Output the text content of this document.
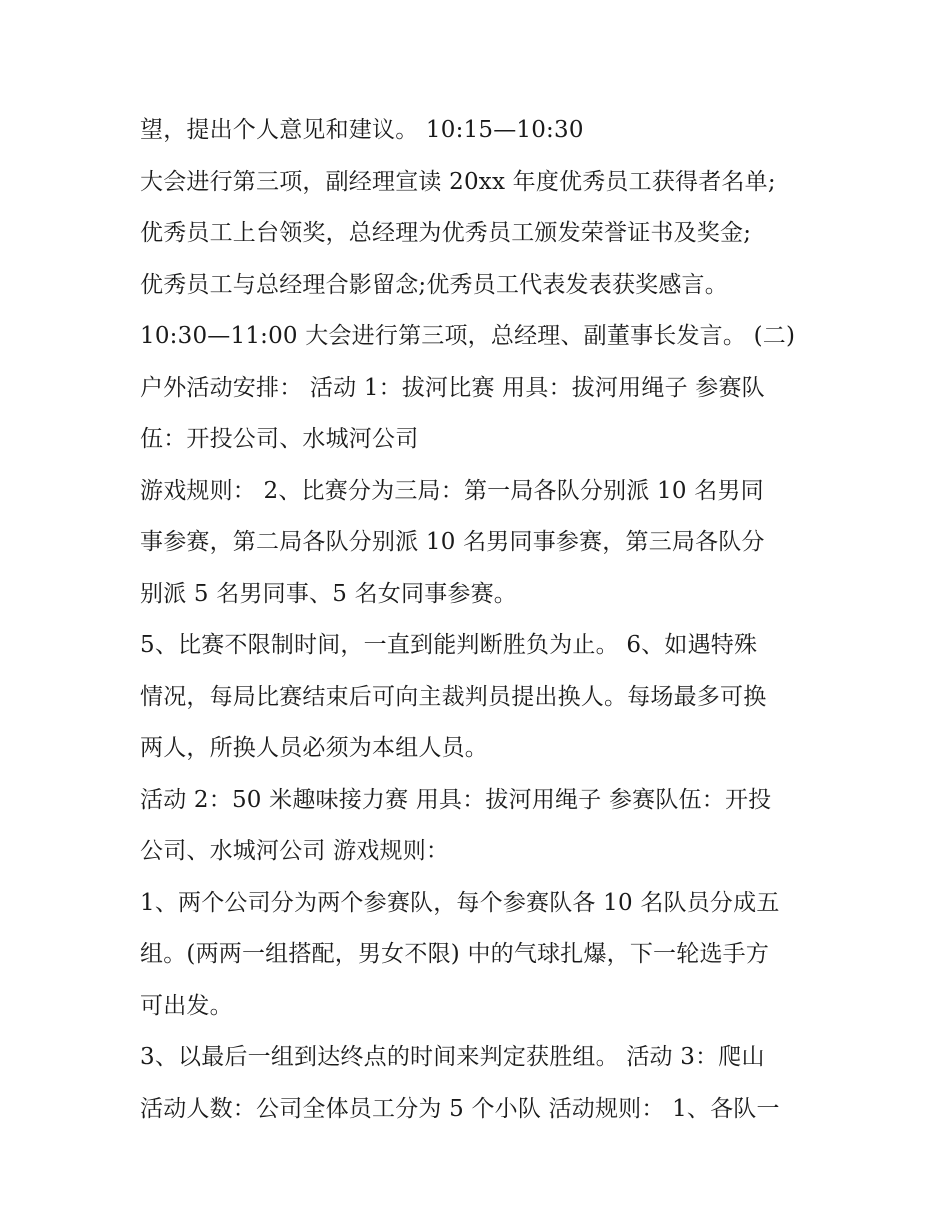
望，提出个人意见和建议。 10:15—10:30
大会进行第三项，副经理宣读 20xx 年度优秀员工获得者名单;
优秀员工上台领奖，总经理为优秀员工颁发荣誉证书及奖金;
优秀员工与总经理合影留念;优秀员工代表发表获奖感言。
10:30—11:00 大会进行第三项，总经理、副董事长发言。 (二)
户外活动安排： 活动 1：拔河比赛 用具：拔河用绳子 参赛队
伍：开投公司、水城河公司
游戏规则： 2、比赛分为三局：第一局各队分别派 10 名男同
事参赛，第二局各队分别派 10 名男同事参赛，第三局各队分
别派 5 名男同事、5 名女同事参赛。
5、比赛不限制时间，一直到能判断胜负为止。 6、如遇特殊
情况，每局比赛结束后可向主裁判员提出换人。每场最多可换
两人，所换人员必须为本组人员。
活动 2：50 米趣味接力赛 用具：拔河用绳子 参赛队伍：开投
公司、水城河公司 游戏规则：
1、两个公司分为两个参赛队，每个参赛队各 10 名队员分成五
组。(两两一组搭配，男女不限) 中的气球扎爆，下一轮选手方
可出发。
3、以最后一组到达终点的时间来判定获胜组。 活动 3：爬山
活动人数：公司全体员工分为 5 个小队 活动规则： 1、各队一
